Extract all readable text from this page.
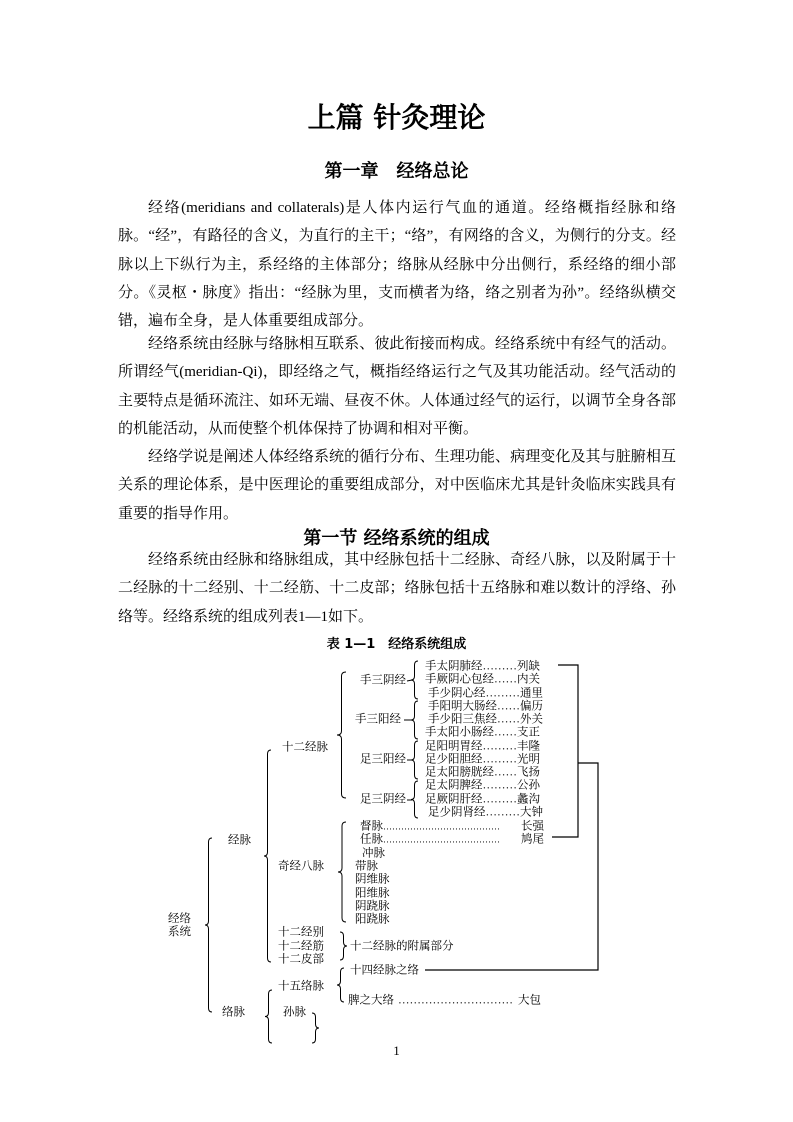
上篇 针灸理论
第一章　经络总论
经络(meridians and collaterals)是人体内运行气血的通道。经络概指经脉和络脉。“经”，有路径的含义，为直行的主干；“络”，有网络的含义，为侧行的分支。经脉以上下纵行为主，系经络的主体部分；络脉从经脉中分出侧行，系经络的细小部分。《灵枢・脉度》指出：“经脉为里，支而横者为络，络之别者为孙”。经络纵横交错，遍布全身，是人体重要组成部分。
经络系统由经脉与络脉相互联系、彼此衔接而构成。经络系统中有经气的活动。所谓经气(meridian-Qi)，即经络之气，概指经络运行之气及其功能活动。经气活动的主要特点是循环流注、如环无端、昼夜不休。人体通过经气的运行，以调节全身各部的机能活动，从而使整个机体保持了协调和相对平衡。
经络学说是阐述人体经络系统的循行分布、生理功能、病理变化及其与脏腑相互关系的理论体系，是中医理论的重要组成部分，对中医临床尤其是针灸临床实践具有重要的指导作用。
第一节 经络系统的组成
经络系统由经脉和络脉组成，其中经脉包括十二经脉、奇经八脉，以及附属于十二经脉的十二经别、十二经筋、十二皮部；络脉包括十五络脉和难以数计的浮络、孙络等。经络系统的组成列表1—1如下。
表 1—1　经络系统组成
经络
系统
经脉
络脉
十二经脉
手三阴经
手三阳经
足三阳经
足三阴经
手太阴肺经………列缺
手厥阴心包经……内关
手少阴心经………通里
手阳明大肠经……偏历
手少阳三焦经……外关
手太阳小肠经……支正
足阳明胃经………丰隆
足少阳胆经………光明
足太阳膀胱经……飞扬
足太阴脾经………公孙
足厥阴肝经………蠡沟
足少阴肾经………大钟
奇经八脉
督脉 ………………………………… 长强
任脉 ………………………………… 鸠尾
冲脉
带脉
阴维脉
阳维脉
阴跷脉
阳跷脉
十二经别
十二经筋
十二皮部
十二经脉的附属部分
十四经脉之络
十五络脉
脾之大络 ………………………… 大包
孙脉
1
